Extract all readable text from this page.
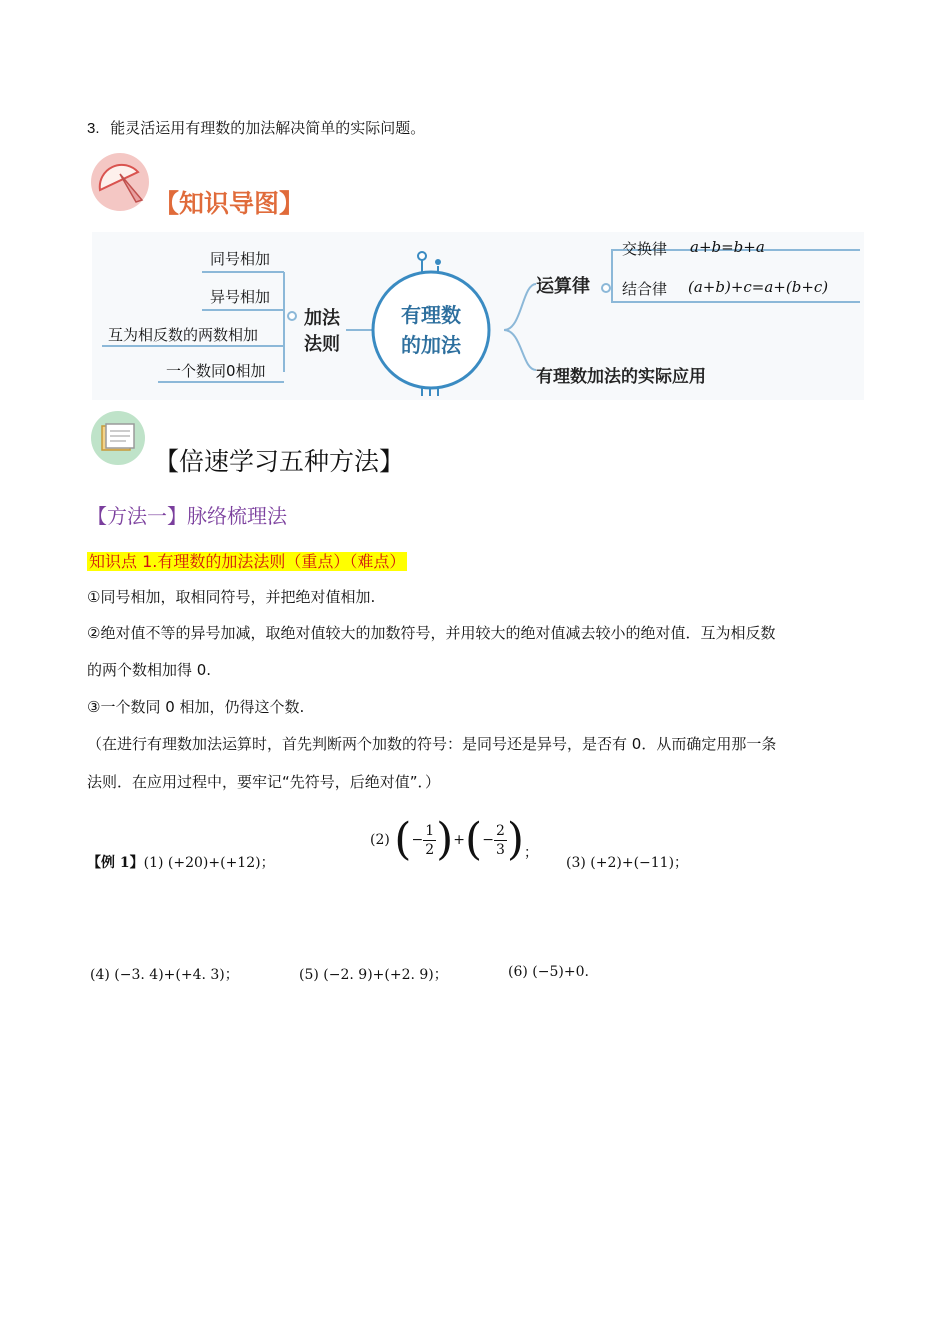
3. 能灵活运用有理数的加法解决简单的实际问题。
【知识导图】
同号相加
异号相加
互为相反数的两数相加
一个数同0相加
加法
法则
有理数
的加法
运算律
交换律 a+b=b+a
结合律 (a+b)+c=a+(b+c)
有理数加法的实际应用
【倍速学习五种方法】
【方法一】脉络梳理法
知识点 1.有理数的加法法则（重点）（难点）
①同号相加，取相同符号，并把绝对值相加.
②绝对值不等的异号加减，取绝对值较大的加数符号，并用较大的绝对值减去较小的绝对值．互为相反数
的两个数相加得 0.
③一个数同 0 相加，仍得这个数.
（在进行有理数加法运算时，首先判断两个加数的符号：是同号还是异号，是否有 0．从而确定用那一条
法则．在应用过程中，要牢记“先符号，后绝对值”．）
【例 1】(1) (+20)+(+12)；
(2) (− $\frac{1}{2}$ )+(− $\frac{2}{3}$ )；
(3) (+2)+(−11)；
(4) (−3. 4)+(+4. 3)；	(5) (−2. 9)+(+2. 9)；	(6) (−5)+0.
